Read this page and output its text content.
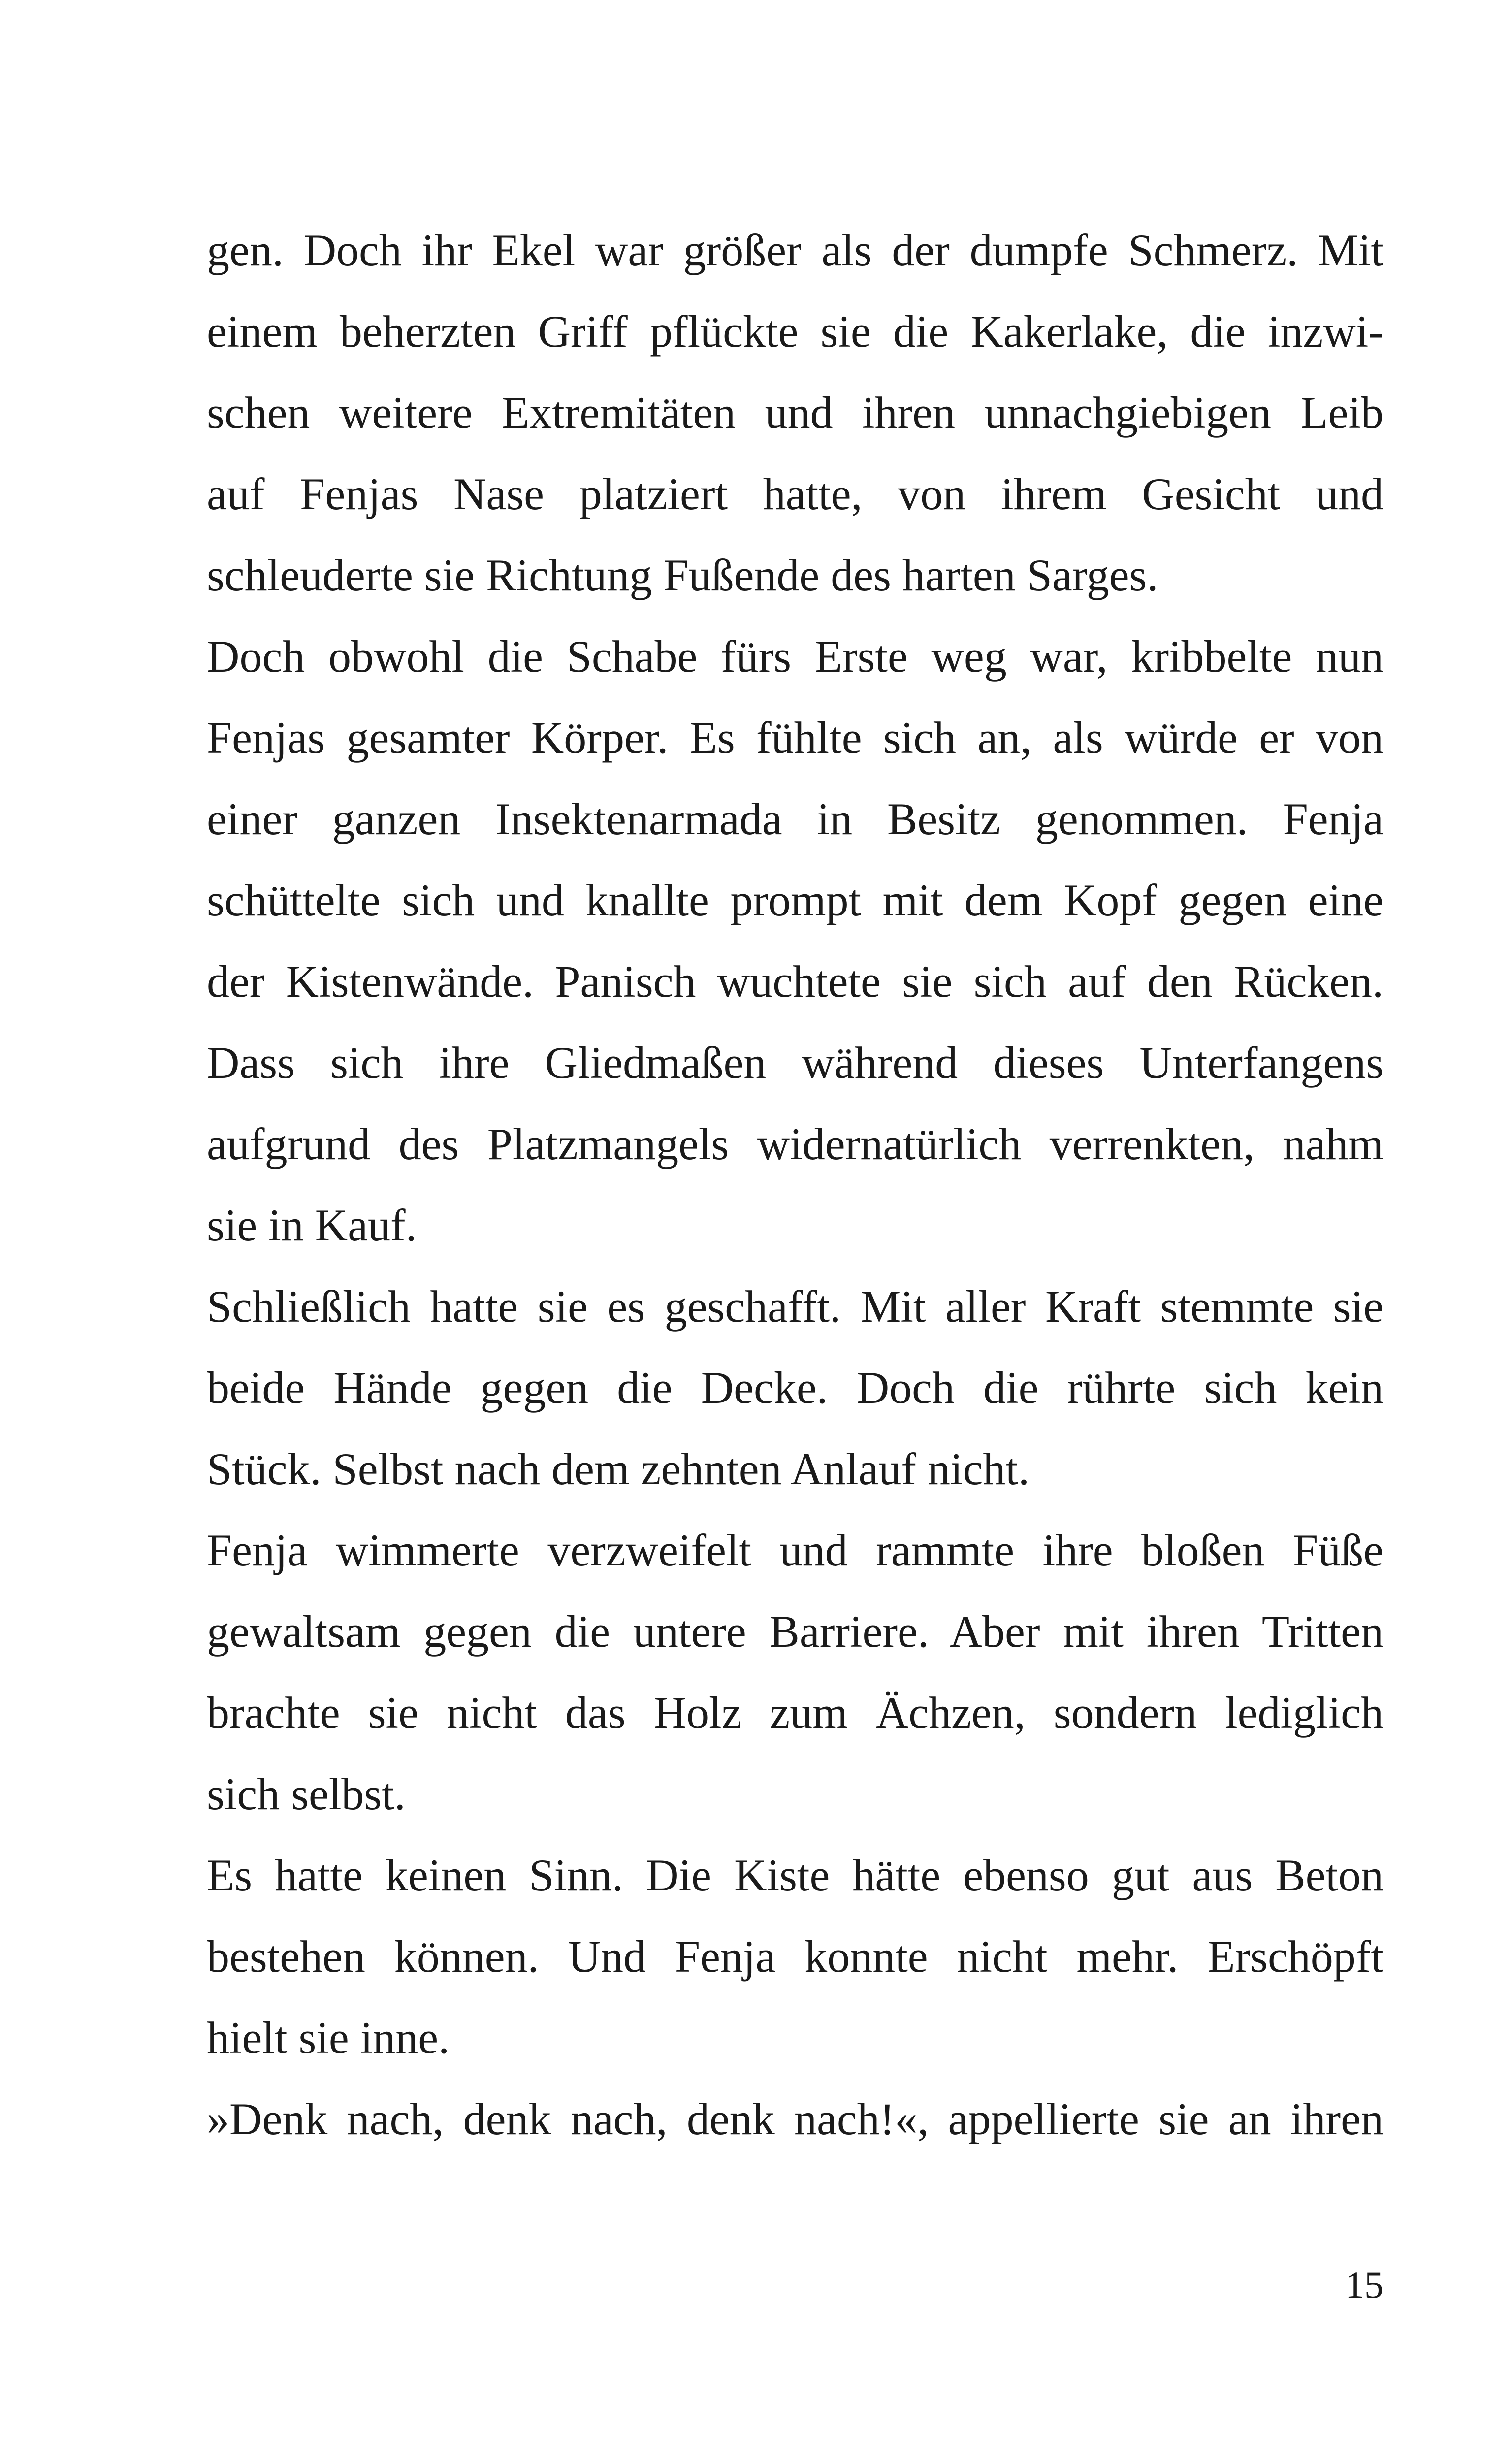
gen. Doch ihr Ekel war größer als der dumpfe Schmerz. Mit
einem beherzten Griff pflückte sie die Kakerlake, die inzwi-
schen weitere Extremitäten und ihren unnachgiebigen Leib
auf Fenjas Nase platziert hatte, von ihrem Gesicht und
schleuderte sie Richtung Fußende des harten Sarges.
Doch obwohl die Schabe fürs Erste weg war, kribbelte nun
Fenjas gesamter Körper. Es fühlte sich an, als würde er von
einer ganzen Insektenarmada in Besitz genommen. Fenja
schüttelte sich und knallte prompt mit dem Kopf gegen eine
der Kistenwände. Panisch wuchtete sie sich auf den Rücken.
Dass sich ihre Gliedmaßen während dieses Unterfangens
aufgrund des Platzmangels widernatürlich verrenkten, nahm
sie in Kauf.
Schließlich hatte sie es geschafft. Mit aller Kraft stemmte sie
beide Hände gegen die Decke. Doch die rührte sich kein
Stück. Selbst nach dem zehnten Anlauf nicht.
Fenja wimmerte verzweifelt und rammte ihre bloßen Füße
gewaltsam gegen die untere Barriere. Aber mit ihren Tritten
brachte sie nicht das Holz zum Ächzen, sondern lediglich
sich selbst.
Es hatte keinen Sinn. Die Kiste hätte ebenso gut aus Beton
bestehen können. Und Fenja konnte nicht mehr. Erschöpft
hielt sie inne.
»Denk nach, denk nach, denk nach!«, appellierte sie an ihren
15
